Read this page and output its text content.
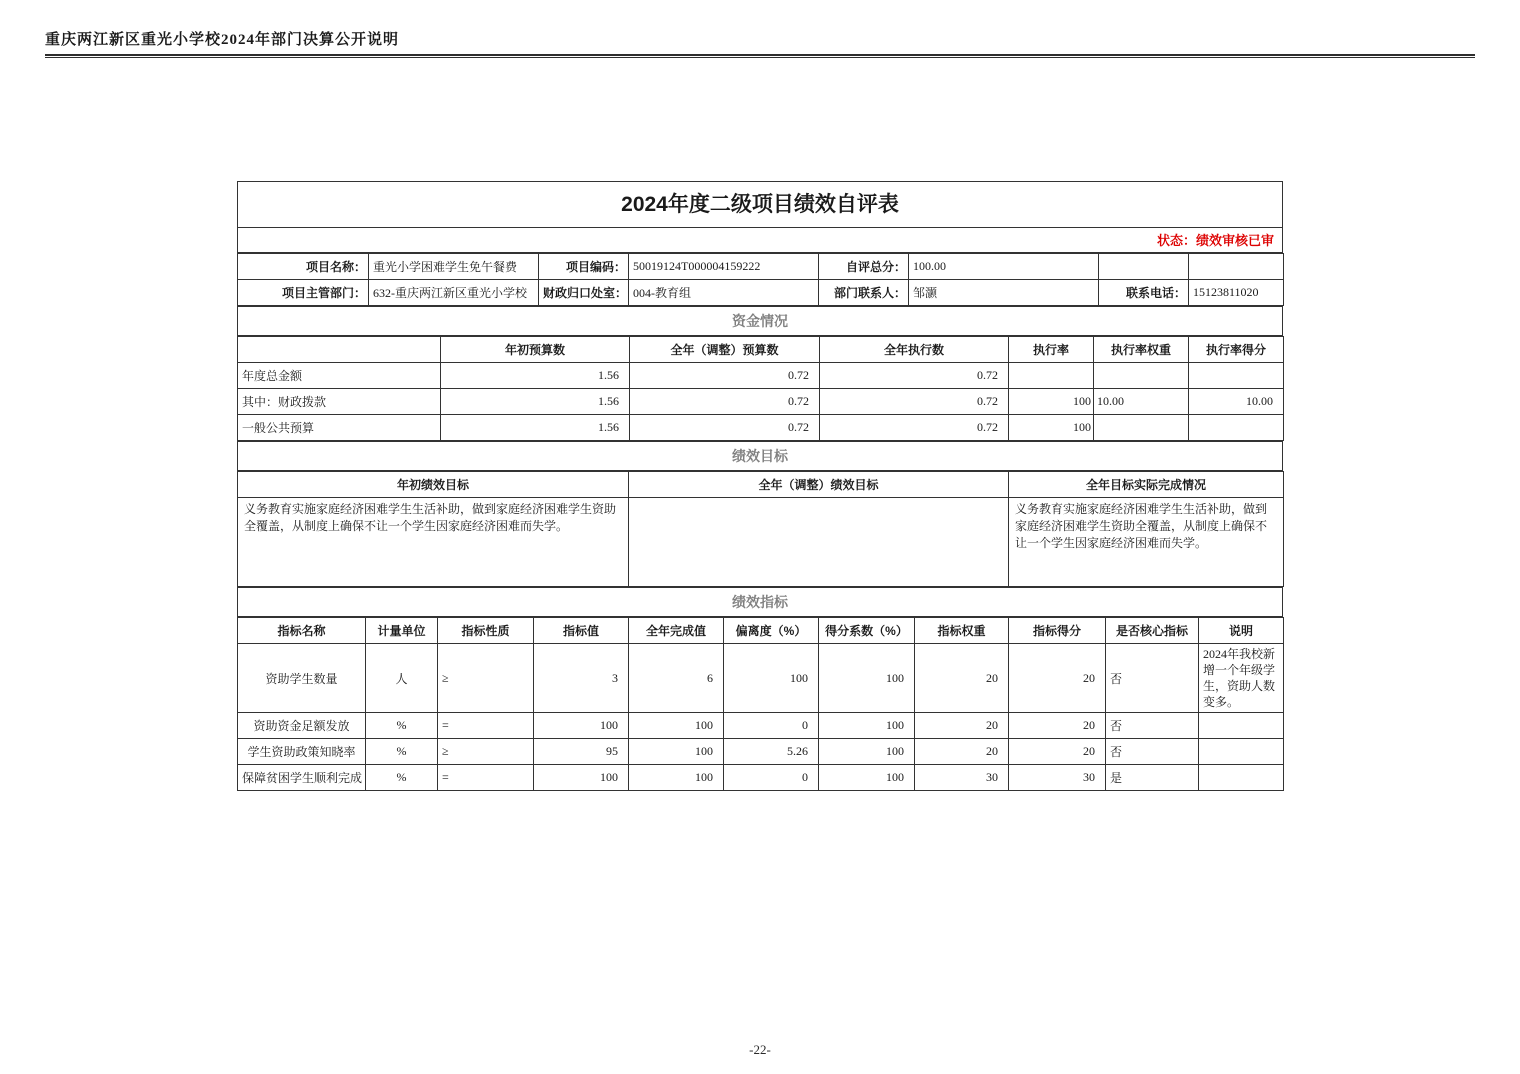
重庆两江新区重光小学校2024年部门决算公开说明
2024年度二级项目绩效自评表
状态：绩效审核已审
项目名称：	重光小学困难学生免午餐费	项目编码：	50019124T000004159222	自评总分：	100.00		
项目主管部门：	632-重庆两江新区重光小学校	财政归口处室：	004-教育组	部门联系人：	邹灏	联系电话：	15123811020
资金情况
	年初预算数	全年（调整）预算数	全年执行数	执行率	执行率权重	执行率得分
年度总金额	1.56	0.72	0.72			
其中：财政拨款	1.56	0.72	0.72	100	10.00	10.00
一般公共预算	1.56	0.72	0.72	100		
绩效目标
年初绩效目标	全年（调整）绩效目标	全年目标实际完成情况
义务教育实施家庭经济困难学生生活补助，做到家庭经济困难学生资助全覆盖，从制度上确保不让一个学生因家庭经济困难而失学。		义务教育实施家庭经济困难学生生活补助，做到家庭经济困难学生资助全覆盖，从制度上确保不让一个学生因家庭经济困难而失学。
绩效指标
指标名称	计量单位	指标性质	指标值	全年完成值	偏离度（%）	得分系数（%）	指标权重	指标得分	是否核心指标	说明
资助学生数量	人	≥	3	6	100	100	20	20	否	2024年我校新增一个年级学生，资助人数变多。
资助资金足额发放	%	=	100	100	0	100	20	20	否	
学生资助政策知晓率	%	≥	95	100	5.26	100	20	20	否	
保障贫困学生顺利完成	%	=	100	100	0	100	30	30	是	
-22-
